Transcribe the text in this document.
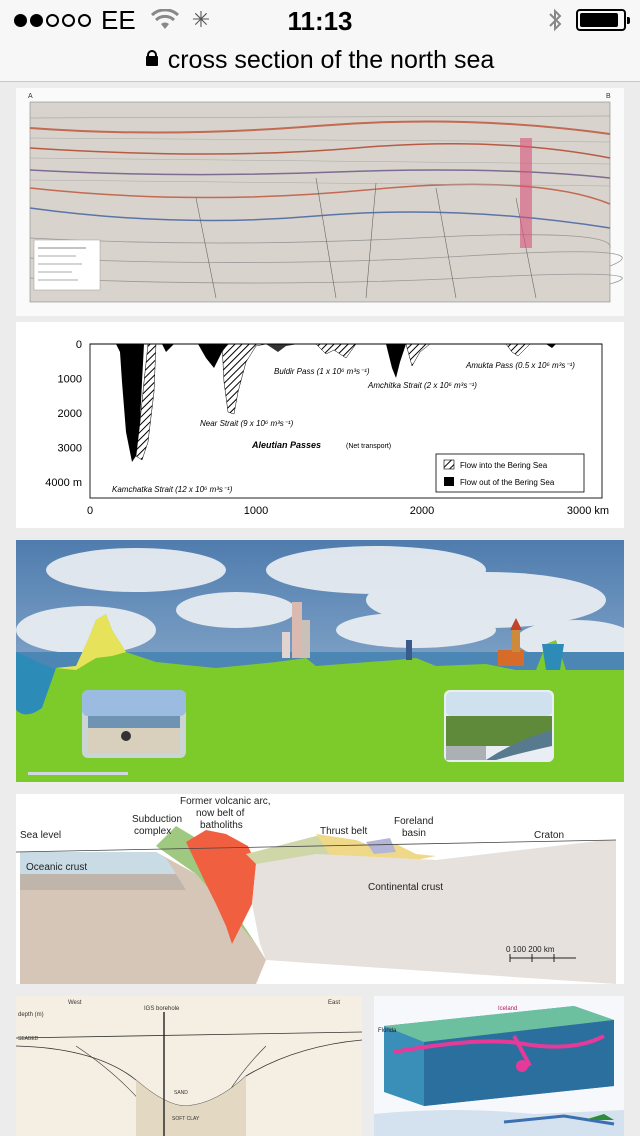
EE	✳	11:13
cross section of the north sea
A	B
0
1000
2000
3000
4000 m
0	1000	2000	3000 km
Kamchatka Strait (12 x 10⁶ m³s⁻¹)
Near Strait (9 x 10⁶ m³s⁻¹)
Buldir Pass (1 x 10⁶ m³s⁻¹)
Amchitka Strait (2 x 10⁶ m³s⁻¹)
Amukta Pass (0.5 x 10⁶ m³s⁻¹)
Aleutian Passes	(Net transport)
Flow into the Bering Sea
Flow out of the Bering Sea
Sea level
Oceanic crust
Subduction complex
Former volcanic arc, now belt of batholiths
Thrust belt
Foreland basin	Craton
Continental crust
0 100 200 km
West	East
IGS borehole
depth (m)
SEABED
SAND
SOFT CLAY
Iceland
Florida
